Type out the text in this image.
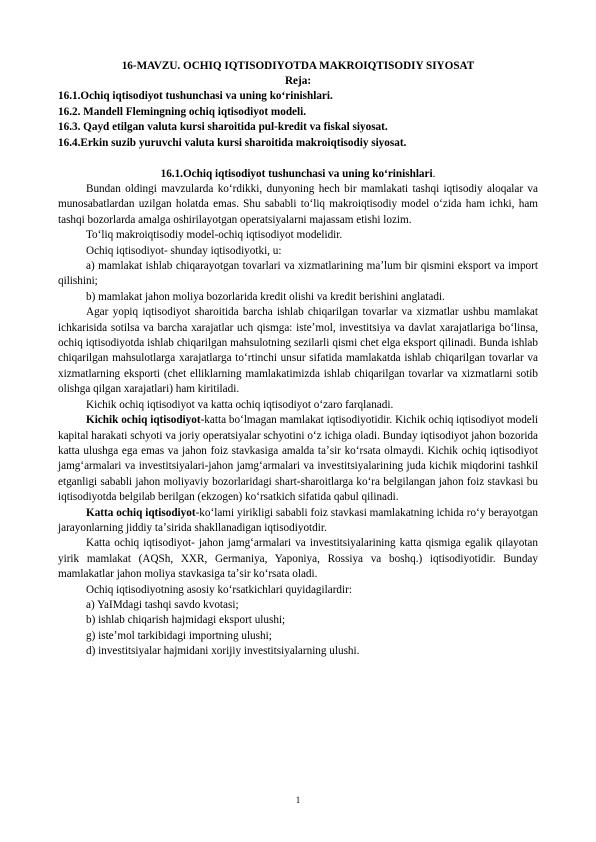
16-MAVZU. OCHIQ IQTISODIYOTDA MAKROIQTISODIY SIYOSAT
Reja:
16.1.Ochiq iqtisodiyot tushunchasi va uning koʻrinishlari.
16.2. Mandell Flemingning ochiq iqtisodiyot modeli.
16.3. Qayd etilgan valuta kursi sharoitida pul-kredit va fiskal siyosat.
16.4.Erkin suzib yuruvchi valuta kursi sharoitida makroiqtisodiy siyosat.
16.1.Ochiq iqtisodiyot tushunchasi va uning koʻrinishlari.

Bundan oldingi mavzularda koʻrdikki, dunyoning hech bir mamlakati tashqi iqtisodiy aloqalar va munosabatlardan uzilgan holatda emas. Shu sababli toʻliq makroiqtisodiy model oʻzida ham ichki, ham tashqi bozorlarda amalga oshirilayotgan operatsiyalarni majassam etishi lozim.

Toʻliq makroiqtisodiy model-ochiq iqtisodiyot modelidir.

Ochiq iqtisodiyot- shunday iqtisodiyotki, u:

a) mamlakat ishlab chiqarayotgan tovarlari va xizmatlarining maʼlum bir qismini eksport va import qilishini;

b) mamlakat jahon moliya bozorlarida kredit olishi va kredit berishini anglatadi.

Agar yopiq iqtisodiyot sharoitida barcha ishlab chiqarilgan tovarlar va xizmatlar ushbu mamlakat ichkarisida sotilsa va barcha xarajatlar uch qismga: isteʼmol, investitsiya va davlat xarajatlariga boʻlinsa, ochiq iqtisodiyotda ishlab chiqarilgan mahsulotning sezilarli qismi chet elga eksport qilinadi. Bunda ishlab chiqarilgan mahsulotlarga xarajatlarga toʻrtinchi unsur sifatida mamlakatda ishlab chiqarilgan tovarlar va xizmatlarning eksporti (chet elliklarning mamlakatimizda ishlab chiqarilgan tovarlar va xizmatlarni sotib olishga qilgan xarajatlari) ham kiritiladi.

Kichik ochiq iqtisodiyot va katta ochiq iqtisodiyot oʻzaro farqlanadi.

Kichik ochiq iqtisodiyot-katta boʻlmagan mamlakat iqtisodiyotidir. Kichik ochiq iqtisodiyot modeli kapital harakati schyoti va joriy operatsiyalar schyotini oʻz ichiga oladi. Bunday iqtisodiyot jahon bozorida katta ulushga ega emas va jahon foiz stavkasiga amalda taʼsir koʻrsata olmaydi. Kichik ochiq iqtisodiyot jamgʻarmalari va investitsiyalari-jahon jamgʻarmalari va investitsiyalarining juda kichik miqdorini tashkil etganligi sababli jahon moliyaviy bozorlaridagi shart-sharoitlarga koʻra belgilangan jahon foiz stavkasi bu iqtisodiyotda belgilab berilgan (ekzogen) koʻrsatkich sifatida qabul qilinadi.

Katta ochiq iqtisodiyot-koʻlami yirikligi sababli foiz stavkasi mamlakatning ichida roʻy berayotgan jarayonlarning jiddiy taʼsirida shakllanadigan iqtisodiyotdir.

Katta ochiq iqtisodiyot- jahon jamgʻarmalari va investitsiyalarining katta qismiga egalik qilayotan yirik mamlakat (AQSh, XXR, Germaniya, Yaponiya, Rossiya va boshq.) iqtisodiyotidir. Bunday mamlakatlar jahon moliya stavkasiga taʼsir koʻrsata oladi.

Ochiq iqtisodiyotning asosiy koʻrsatkichlari quyidagilardir:

a) YaIMdagi tashqi savdo kvotasi;

b) ishlab chiqarish hajmidagi eksport ulushi;

g) isteʼmol tarkibidagi importning ulushi;

d) investitsiyalar hajmidani xorijiy investitsiyalarning ulushi.

1
